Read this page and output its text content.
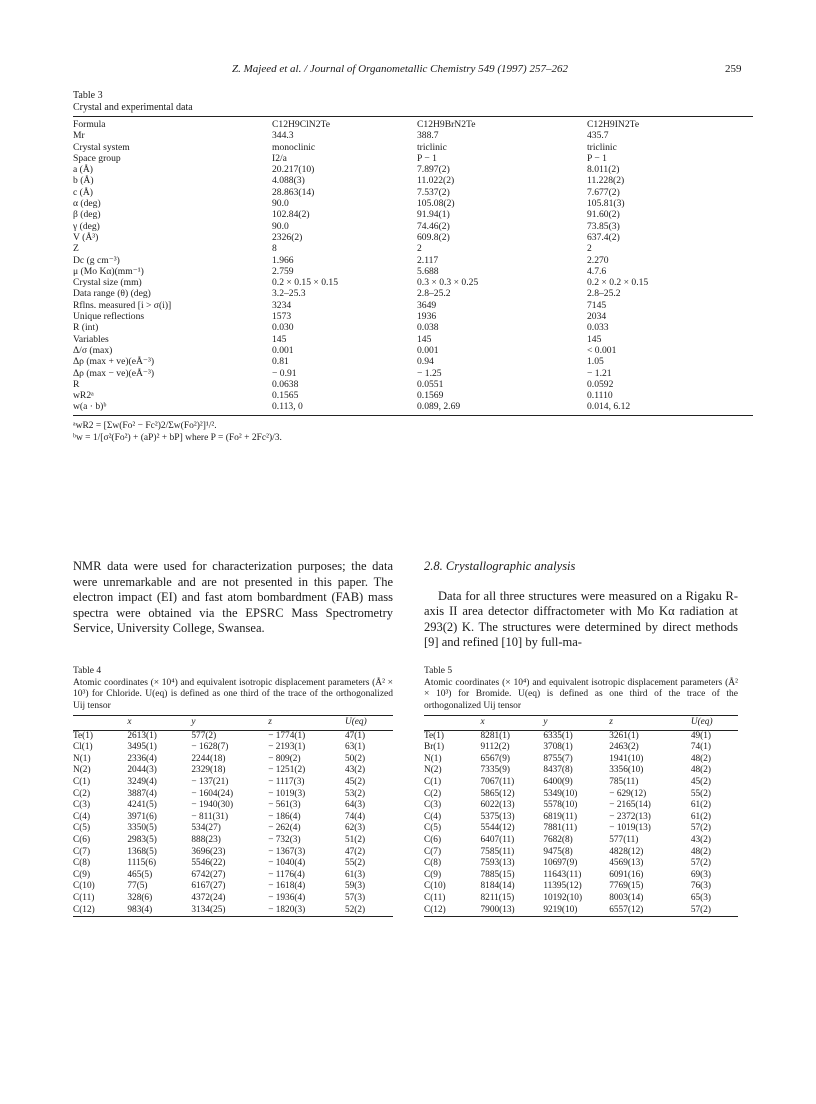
Z. Majeed et al. / Journal of Organometallic Chemistry 549 (1997) 257–262	259
Table 3
Crystal and experimental data
Formula	C12H9ClN2Te	C12H9BrN2Te	C12H9IN2Te
Mr	344.3	388.7	435.7
Crystal system	monoclinic	triclinic	triclinic
Space group	I2/a	P − 1	P − 1
a (Å)	20.217(10)	7.897(2)	8.011(2)
b (Å)	4.088(3)	11.022(2)	11.228(2)
c (Å)	28.863(14)	7.537(2)	7.677(2)
α (deg)	90.0	105.08(2)	105.81(3)
β (deg)	102.84(2)	91.94(1)	91.60(2)
γ (deg)	90.0	74.46(2)	73.85(3)
V (Å³)	2326(2)	609.8(2)	637.4(2)
Z	8	2	2
Dc (g cm⁻³)	1.966	2.117	2.270
μ (Mo Kα)(mm⁻¹)	2.759	5.688	4.7.6
Crystal size (mm)	0.2 × 0.15 × 0.15	0.3 × 0.3 × 0.25	0.2 × 0.2 × 0.15
Data range (θ) (deg)	3.2–25.3	2.8–25.2	2.8–25.2
Rflns. measured [i > σ(i)]	3234	3649	7145
Unique reflections	1573	1936	2034
R (int)	0.030	0.038	0.033
Variables	145	145	145
Δ/σ (max)	0.001	0.001	< 0.001
Δρ (max + ve)(eÅ⁻³)	0.81	0.94	1.05
Δρ (max − ve)(eÅ⁻³)	− 0.91	− 1.25	− 1.21
R	0.0638	0.0551	0.0592
wR2ᵃ	0.1565	0.1569	0.1110
w(a · b)ᵇ	0.113, 0	0.089, 2.69	0.014, 6.12
ᵃwR2 = [Σw(Fo² − Fc²)2/Σw(Fo²)²]¹/².
ᵇw = 1/[σ²(Fo²) + (aP)² + bP] where P = (Fo² + 2Fc²)/3.
NMR data were used for characterization purposes; the data were unremarkable and are not presented in this paper. The electron impact (EI) and fast atom bombardment (FAB) mass spectra were obtained via the EPSRC Mass Spectrometry Service, University College, Swansea.
2.8. Crystallographic analysis
Data for all three structures were measured on a Rigaku R-axis II area detector diffractometer with Mo Kα radiation at 293(2) K. The structures were determined by direct methods [9] and refined [10] by full-ma-
Table 4
Atomic coordinates (× 10⁴) and equivalent isotropic displacement parameters (Å² × 10³) for Chloride. U(eq) is defined as one third of the trace of the orthogonalized Uij tensor
	x	y	z	U(eq)
Te(1)	2613(1)	577(2)	− 1774(1)	47(1)
Cl(1)	3495(1)	− 1628(7)	− 2193(1)	63(1)
N(1)	2336(4)	2244(18)	− 809(2)	50(2)
N(2)	2044(3)	2329(18)	− 1251(2)	43(2)
C(1)	3249(4)	− 137(21)	− 1117(3)	45(2)
C(2)	3887(4)	− 1604(24)	− 1019(3)	53(2)
C(3)	4241(5)	− 1940(30)	− 561(3)	64(3)
C(4)	3971(6)	− 811(31)	− 186(4)	74(4)
C(5)	3350(5)	534(27)	− 262(4)	62(3)
C(6)	2983(5)	888(23)	− 732(3)	51(2)
C(7)	1368(5)	3696(23)	− 1367(3)	47(2)
C(8)	1115(6)	5546(22)	− 1040(4)	55(2)
C(9)	465(5)	6742(27)	− 1176(4)	61(3)
C(10)	77(5)	6167(27)	− 1618(4)	59(3)
C(11)	328(6)	4372(24)	− 1936(4)	57(3)
C(12)	983(4)	3134(25)	− 1820(3)	52(2)
Table 5
Atomic coordinates (× 10⁴) and equivalent isotropic displacement parameters (Å² × 10³) for Bromide. U(eq) is defined as one third of the trace of the orthogonalized Uij tensor
	x	y	z	U(eq)
Te(1)	8281(1)	6335(1)	3261(1)	49(1)
Br(1)	9112(2)	3708(1)	2463(2)	74(1)
N(1)	6567(9)	8755(7)	1941(10)	48(2)
N(2)	7335(9)	8437(8)	3356(10)	48(2)
C(1)	7067(11)	6400(9)	785(11)	45(2)
C(2)	5865(12)	5349(10)	− 629(12)	55(2)
C(3)	6022(13)	5578(10)	− 2165(14)	61(2)
C(4)	5375(13)	6819(11)	− 2372(13)	61(2)
C(5)	5544(12)	7881(11)	− 1019(13)	57(2)
C(6)	6407(11)	7682(8)	577(11)	43(2)
C(7)	7585(11)	9475(8)	4828(12)	48(2)
C(8)	7593(13)	10697(9)	4569(13)	57(2)
C(9)	7885(15)	11643(11)	6091(16)	69(3)
C(10)	8184(14)	11395(12)	7769(15)	76(3)
C(11)	8211(15)	10192(10)	8003(14)	65(3)
C(12)	7900(13)	9219(10)	6557(12)	57(2)
